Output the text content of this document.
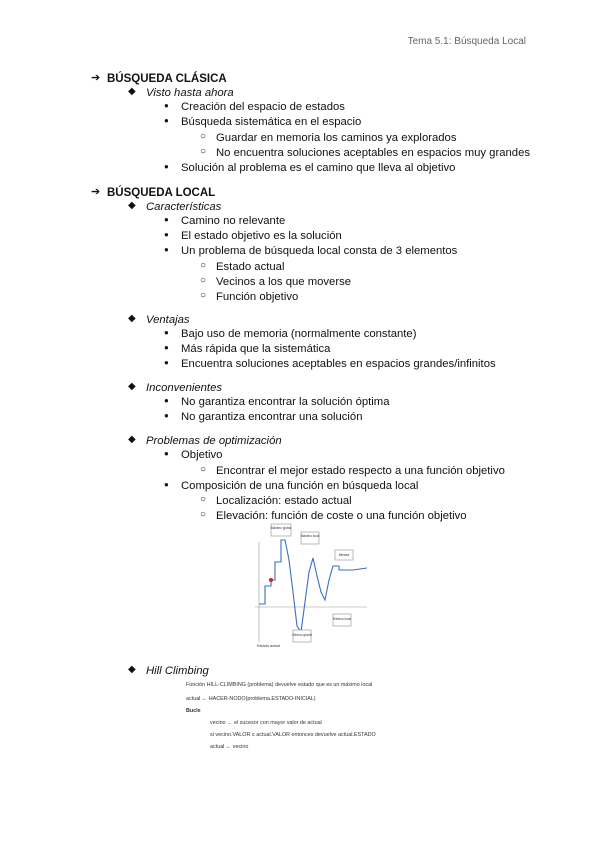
Tema 5.1: Búsqueda Local
➔ BÚSQUEDA CLÁSICA
◆ Visto hasta ahora
● Creación del espacio de estados
● Búsqueda sistemática en el espacio
○ Guardar en memoria los caminos ya explorados
○ No encuentra soluciones aceptables en espacios muy grandes
● Solución al problema es el camino que lleva al objetivo
➔ BÚSQUEDA LOCAL
◆ Características
● Camino no relevante
● El estado objetivo es la solución
● Un problema de búsqueda local consta de 3 elementos
○ Estado actual
○ Vecinos a los que moverse
○ Función objetivo
◆ Ventajas
● Bajo uso de memoria (normalmente constante)
● Más rápida que la sistemática
● Encuentra soluciones aceptables en espacios grandes/infinitos
◆ Inconvenientes
● No garantiza encontrar la solución óptima
● No garantiza encontrar una solución
◆ Problemas de optimización
● Objetivo
○ Encontrar el mejor estado respecto a una función objetivo
● Composición de una función en búsqueda local
○ Localización: estado actual
○ Elevación: función de coste o una función objetivo
Máximo global
Máximo local
Meseta
Mínimo global
Mínimo local
Estado actual
◆ Hill Climbing
Función HILL-CLIMBING (problema) devuelve estado que es un máximo local
actual ← HACER-NODO(problema.ESTADO-INICIAL)
Bucle
vecino ← el sucesor con mayor valor de actual
si vecino.VALOR ≤ actual.VALOR entonces devuelve actual.ESTADO
actual ← vecino
